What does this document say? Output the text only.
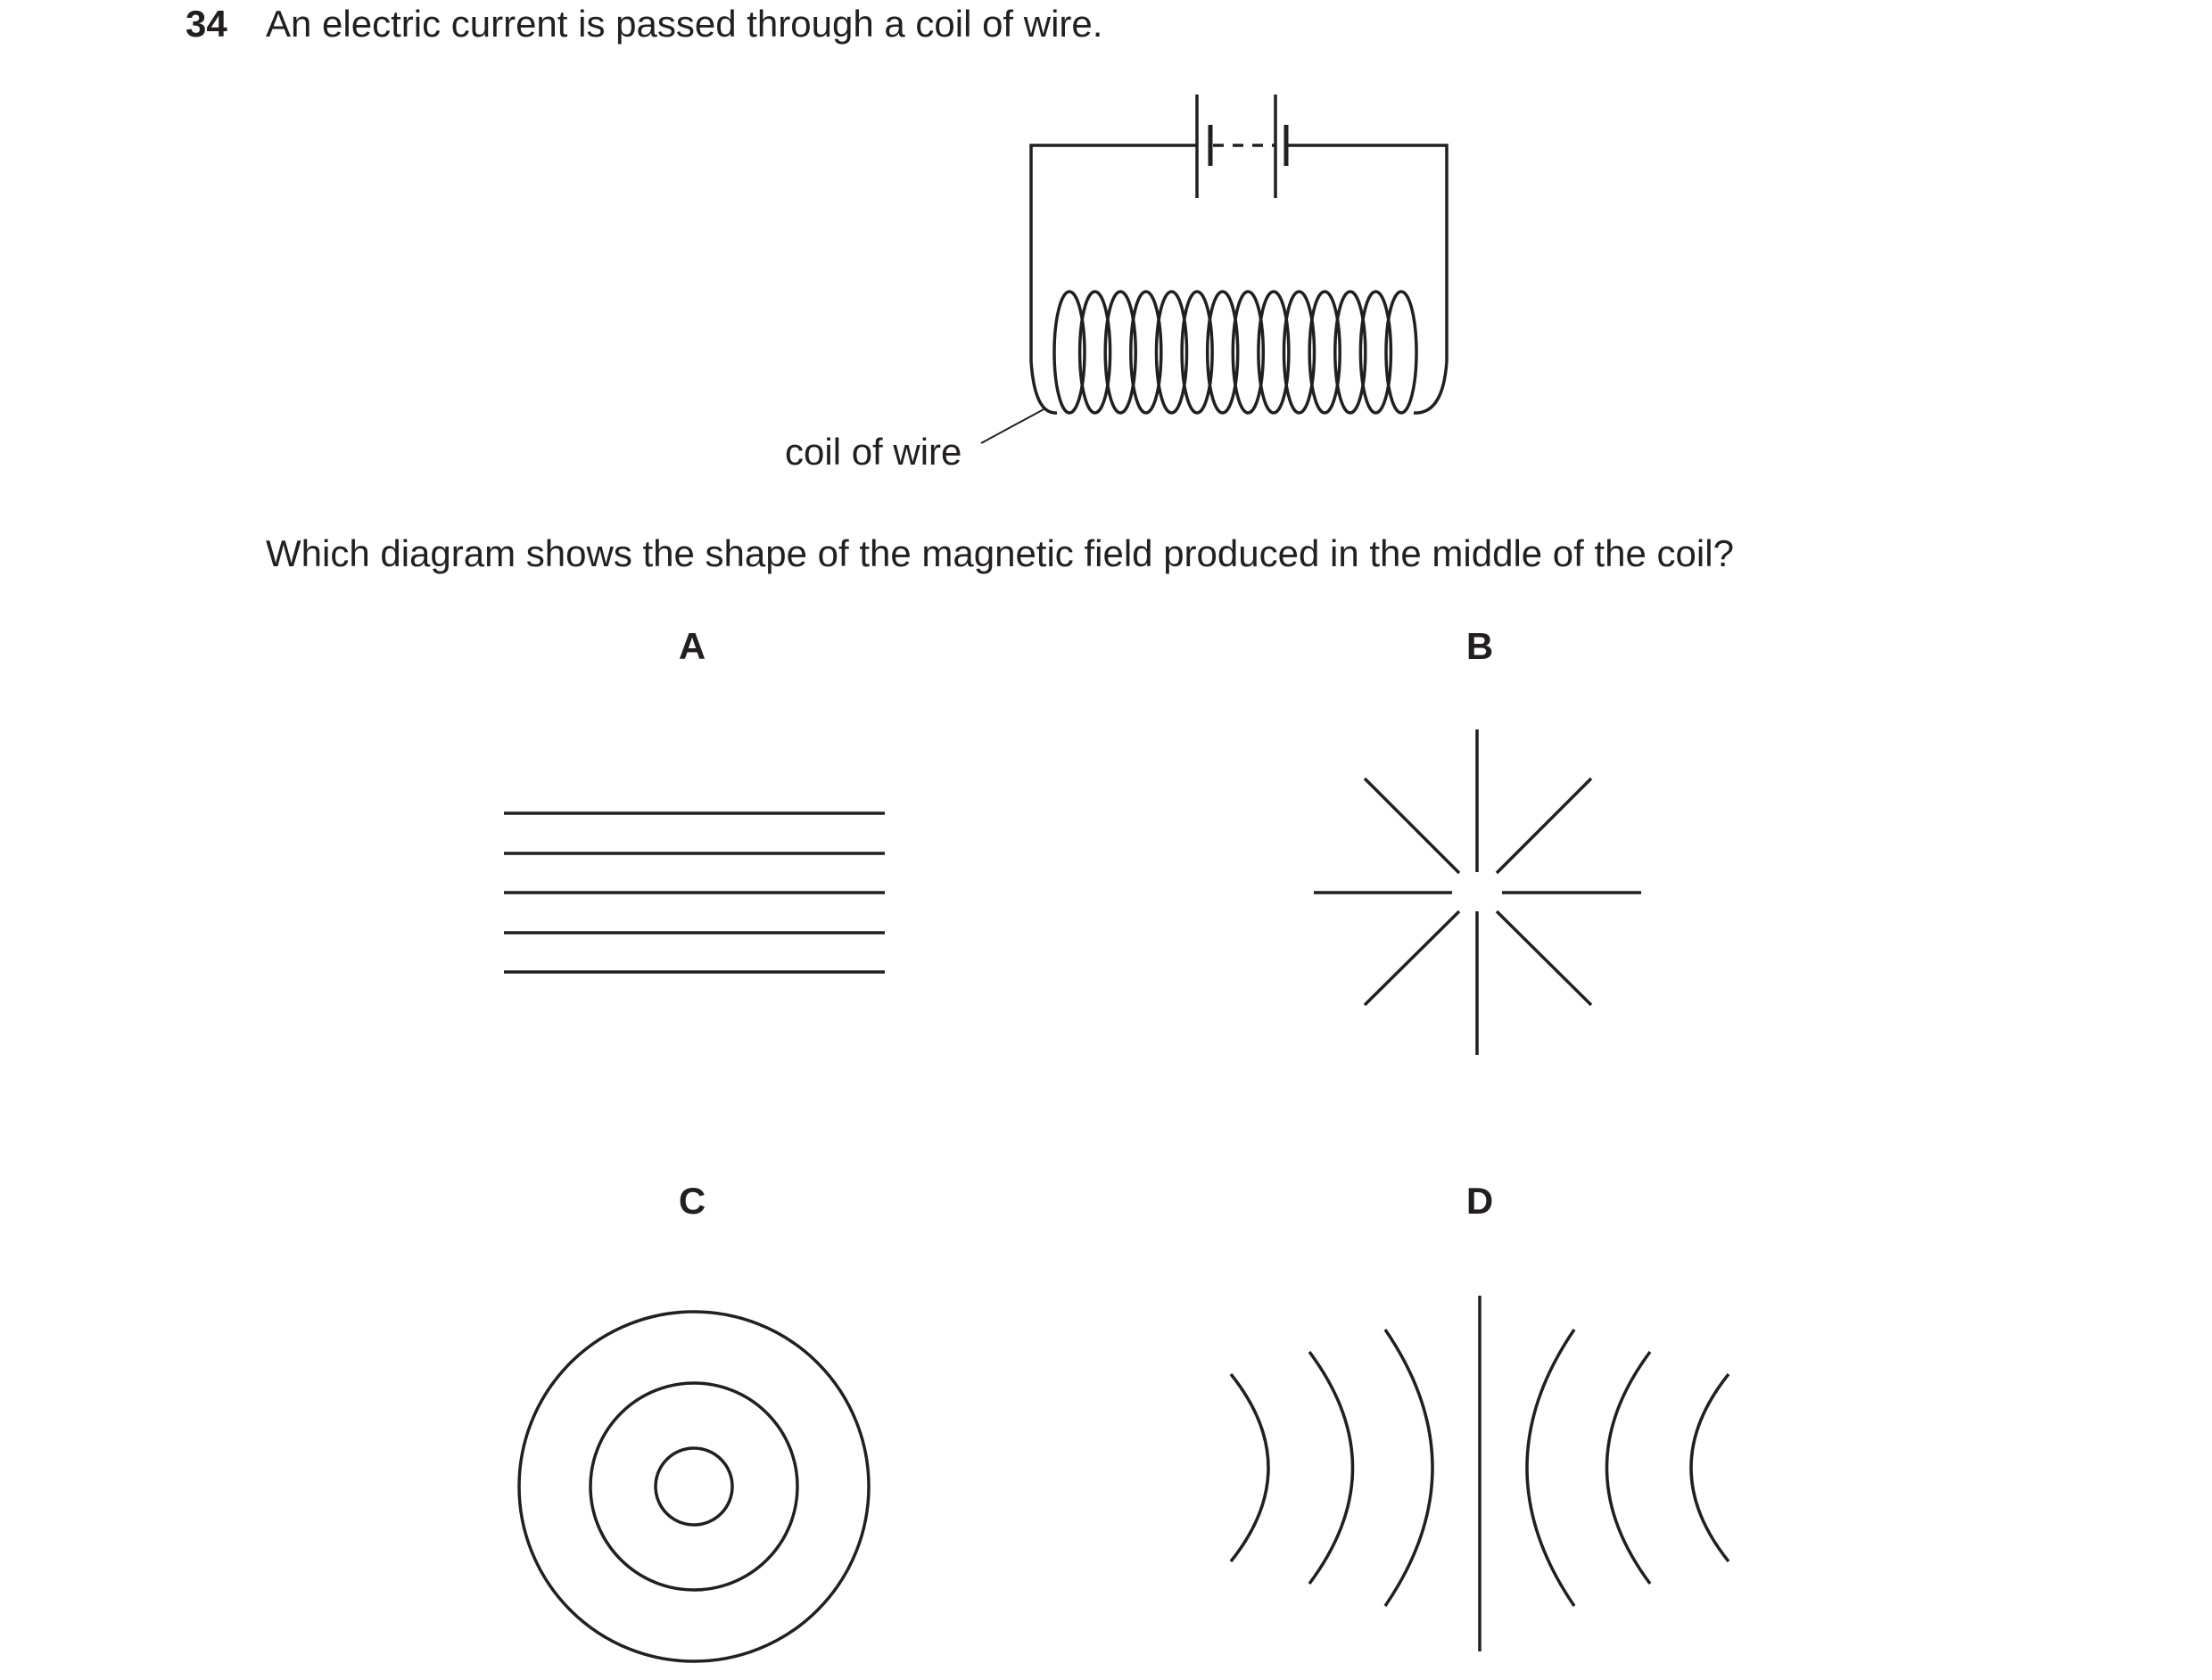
34 An electric current is passed through a coil of wire.
coil of wire
Which diagram shows the shape of the magnetic field produced in the middle of the coil?
A	B
C	D
